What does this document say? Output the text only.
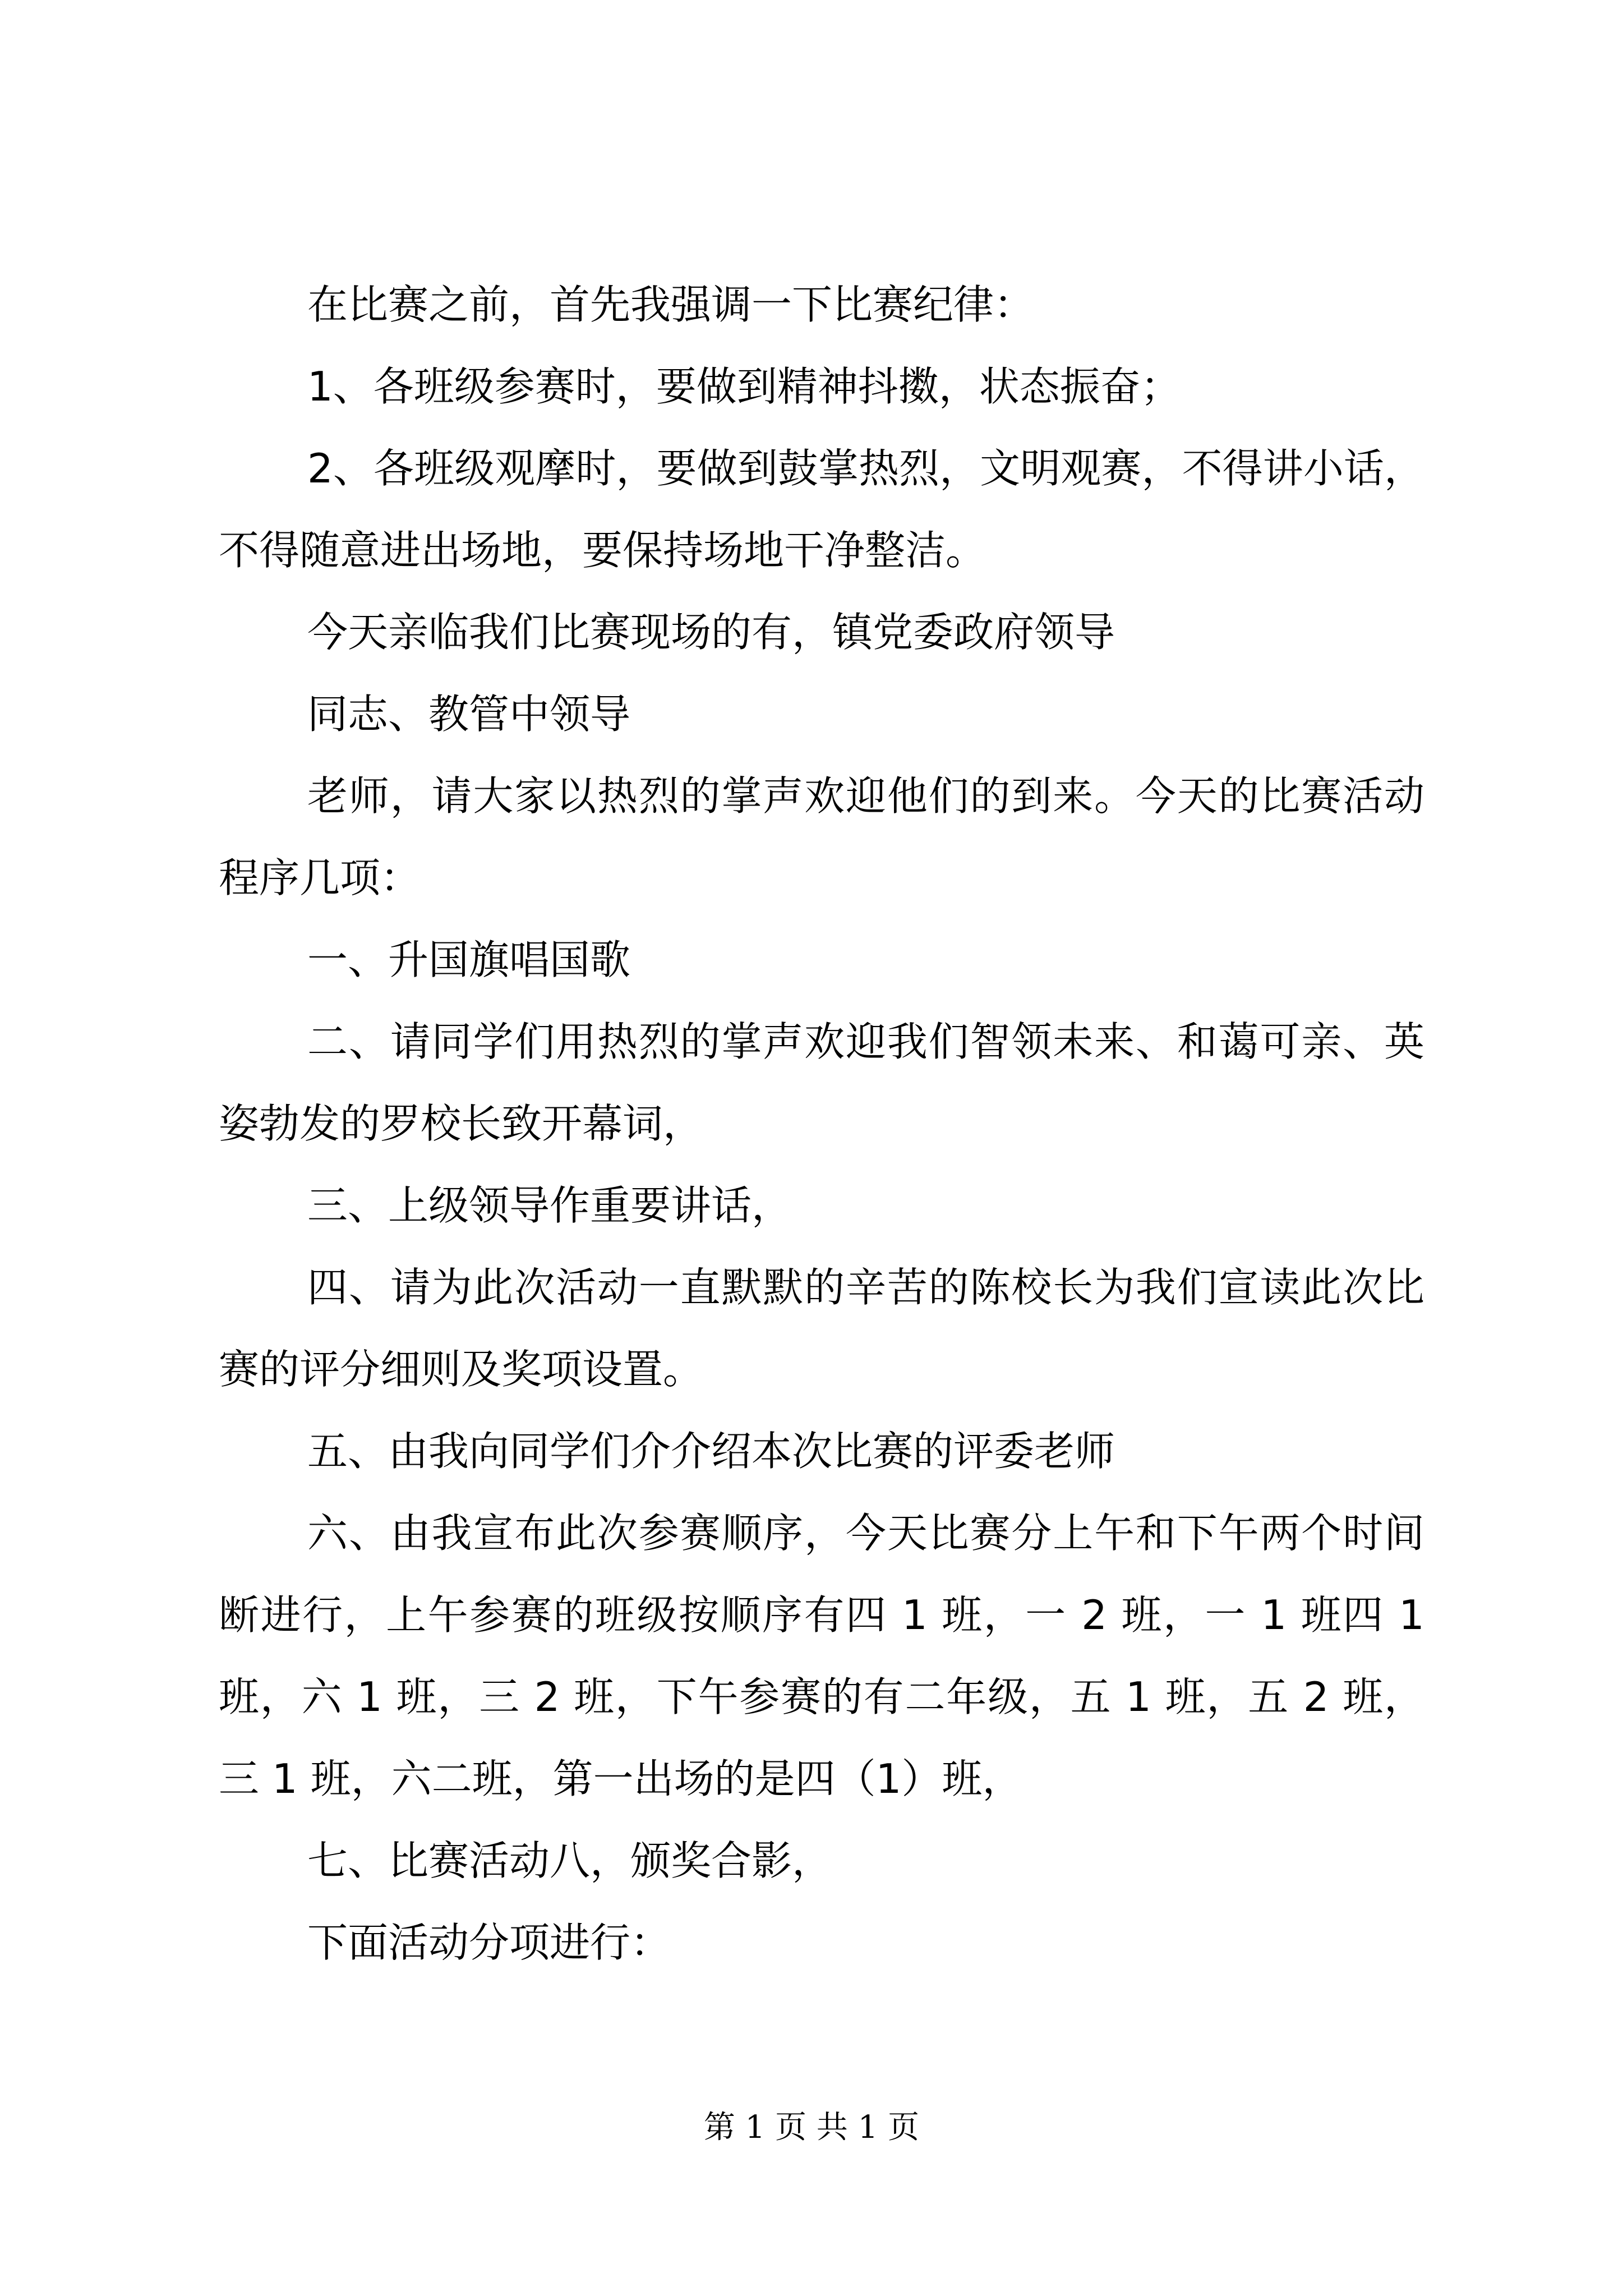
在比赛之前，首先我强调一下比赛纪律：

1、各班级参赛时，要做到精神抖擞，状态振奋；

2、各班级观摩时，要做到鼓掌热烈，文明观赛，不得讲小话，不得随意进出场地，要保持场地干净整洁。

今天亲临我们比赛现场的有，镇党委政府领导

同志、教管中领导

老师，请大家以热烈的掌声欢迎他们的到来。今天的比赛活动程序几项：

一、升国旗唱国歌

二、请同学们用热烈的掌声欢迎我们智领未来、和蔼可亲、英姿勃发的罗校长致开幕词，

三、上级领导作重要讲话，

四、请为此次活动一直默默的辛苦的陈校长为我们宣读此次比赛的评分细则及奖项设置。

五、由我向同学们介介绍本次比赛的评委老师

六、由我宣布此次参赛顺序，今天比赛分上午和下午两个时间断进行，上午参赛的班级按顺序有四 1 班，一 2 班，一 1 班四 1 班，六 1 班，三 2 班，下午参赛的有二年级，五 1 班，五 2 班，三 1 班，六二班，第一出场的是四（1）班，

七、比赛活动八，颁奖合影，

下面活动分项进行：

第 1 页 共 1 页
